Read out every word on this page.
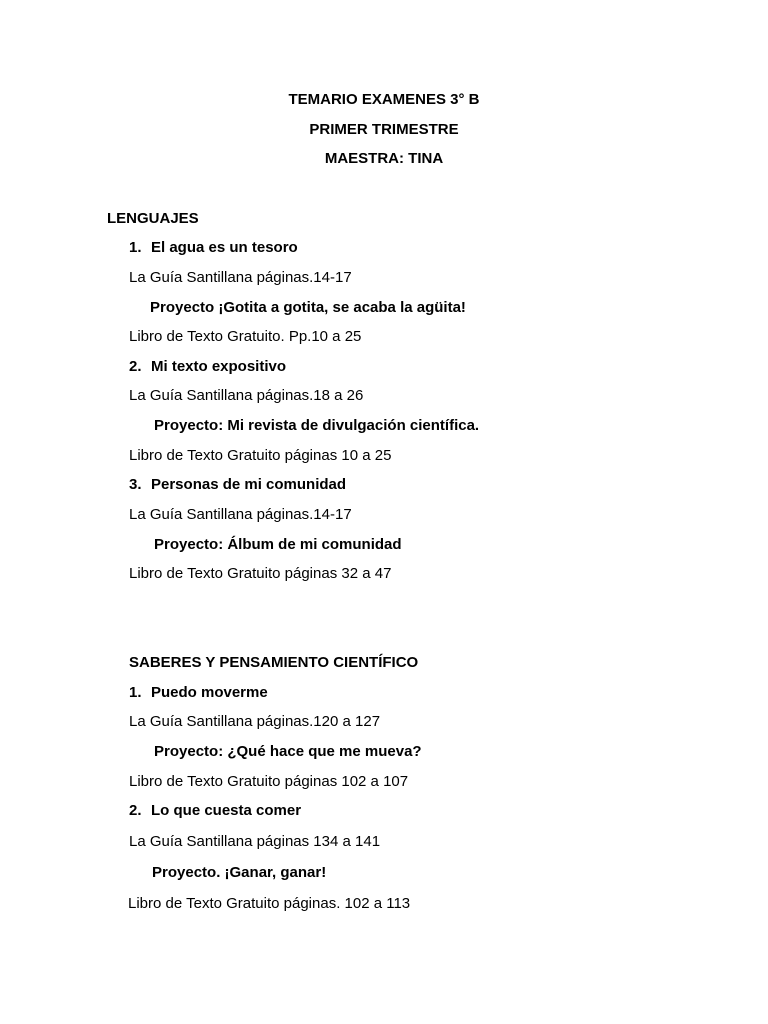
TEMARIO EXAMENES 3° B
PRIMER TRIMESTRE
MAESTRA: TINA
LENGUAJES
1. El agua es un tesoro
La Guía Santillana páginas.14-17
Proyecto ¡Gotita a gotita, se acaba la agüita!
Libro de Texto Gratuito. Pp.10 a 25
2. Mi texto expositivo
La Guía Santillana páginas.18 a 26
Proyecto: Mi revista de divulgación científica.
Libro de Texto Gratuito páginas 10 a 25
3. Personas de mi comunidad
La Guía Santillana páginas.14-17
Proyecto: Álbum de mi comunidad
Libro de Texto Gratuito páginas 32 a 47
SABERES Y PENSAMIENTO CIENTÍFICO
1. Puedo moverme
La Guía Santillana páginas.120 a 127
Proyecto: ¿Qué hace que me mueva?
Libro de Texto Gratuito páginas 102 a 107
2. Lo que cuesta comer
La Guía Santillana páginas 134 a 141
Proyecto. ¡Ganar, ganar!
Libro de Texto Gratuito páginas. 102 a 113
